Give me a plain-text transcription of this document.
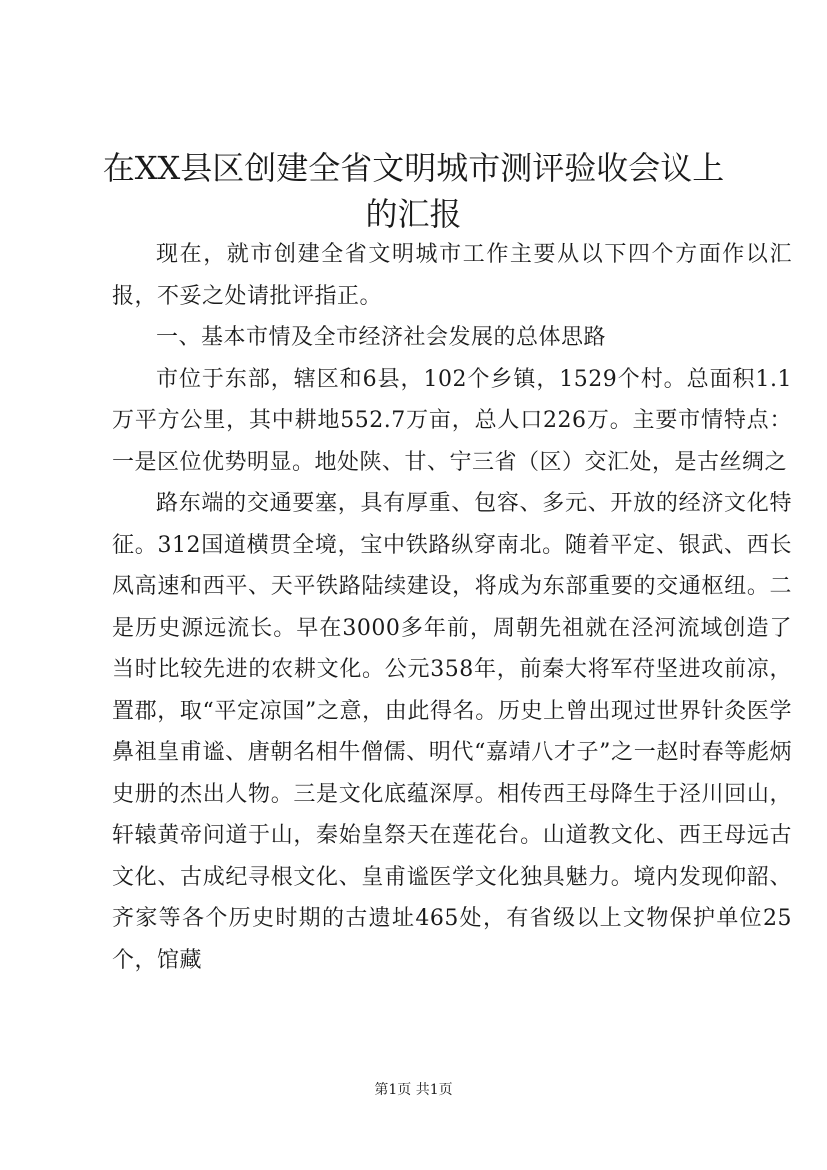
在XX县区创建全省文明城市测评验收会议上的汇报

现在，就市创建全省文明城市工作主要从以下四个方面作以汇报，不妥之处请批评指正。

一、基本市情及全市经济社会发展的总体思路

市位于东部，辖区和6县，102个乡镇，1529个村。总面积1.1万平方公里，其中耕地552.7万亩，总人口226万。主要市情特点：一是区位优势明显。地处陕、甘、宁三省（区）交汇处，是古丝绸之

路东端的交通要塞，具有厚重、包容、多元、开放的经济文化特征。312国道横贯全境，宝中铁路纵穿南北。随着平定、银武、西长凤高速和西平、天平铁路陆续建设，将成为东部重要的交通枢纽。二是历史源远流长。早在3000多年前，周朝先祖就在泾河流域创造了当时比较先进的农耕文化。公元358年，前秦大将军苻坚进攻前凉，置郡，取“平定凉国”之意，由此得名。历史上曾出现过世界针灸医学鼻祖皇甫谧、唐朝名相牛僧儒、明代“嘉靖八才子”之一赵时春等彪炳史册的杰出人物。三是文化底蕴深厚。相传西王母降生于泾川回山，轩辕黄帝问道于山，秦始皇祭天在莲花台。山道教文化、西王母远古文化、古成纪寻根文化、皇甫谧医学文化独具魅力。境内发现仰韶、齐家等各个历史时期的古遗址465处，有省级以上文物保护单位25个，馆藏

第1页 共1页
